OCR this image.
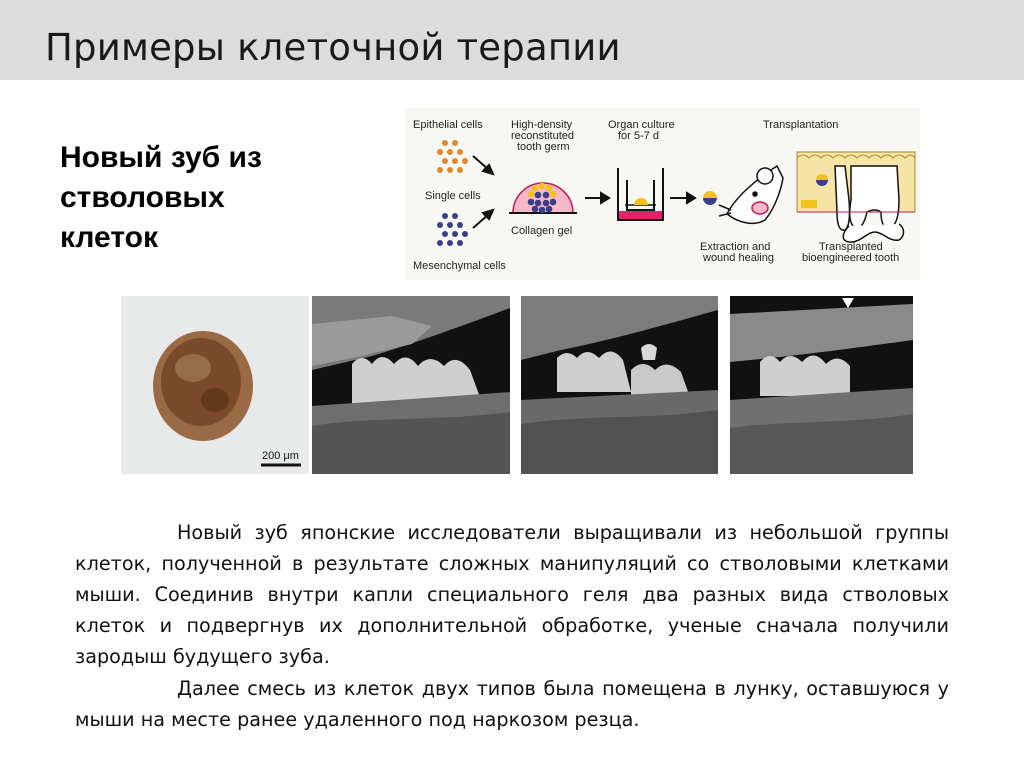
Примеры клеточной терапии
Новый зуб из
стволовых
клеток
Epithelial cells
Single cells
Mesenchymal cells
High-density
reconstituted
tooth germ
Collagen gel
Organ culture
for 5-7 d
Transplantation
Extraction and
wound healing
Transplanted
bioengineered tooth
200 μm

Новый зуб японские исследователи выращивали из небольшой группы клеток, полученной в результате сложных манипуляций со стволовыми клетками мыши. Соединив внутри капли специального геля два разных вида стволовых клеток и подвергнув их дополнительной обработке, ученые сначала получили зародыш будущего зуба.

Далее смесь из клеток двух типов была помещена в лунку, оставшуюся у мыши на месте ранее удаленного под наркозом резца.
